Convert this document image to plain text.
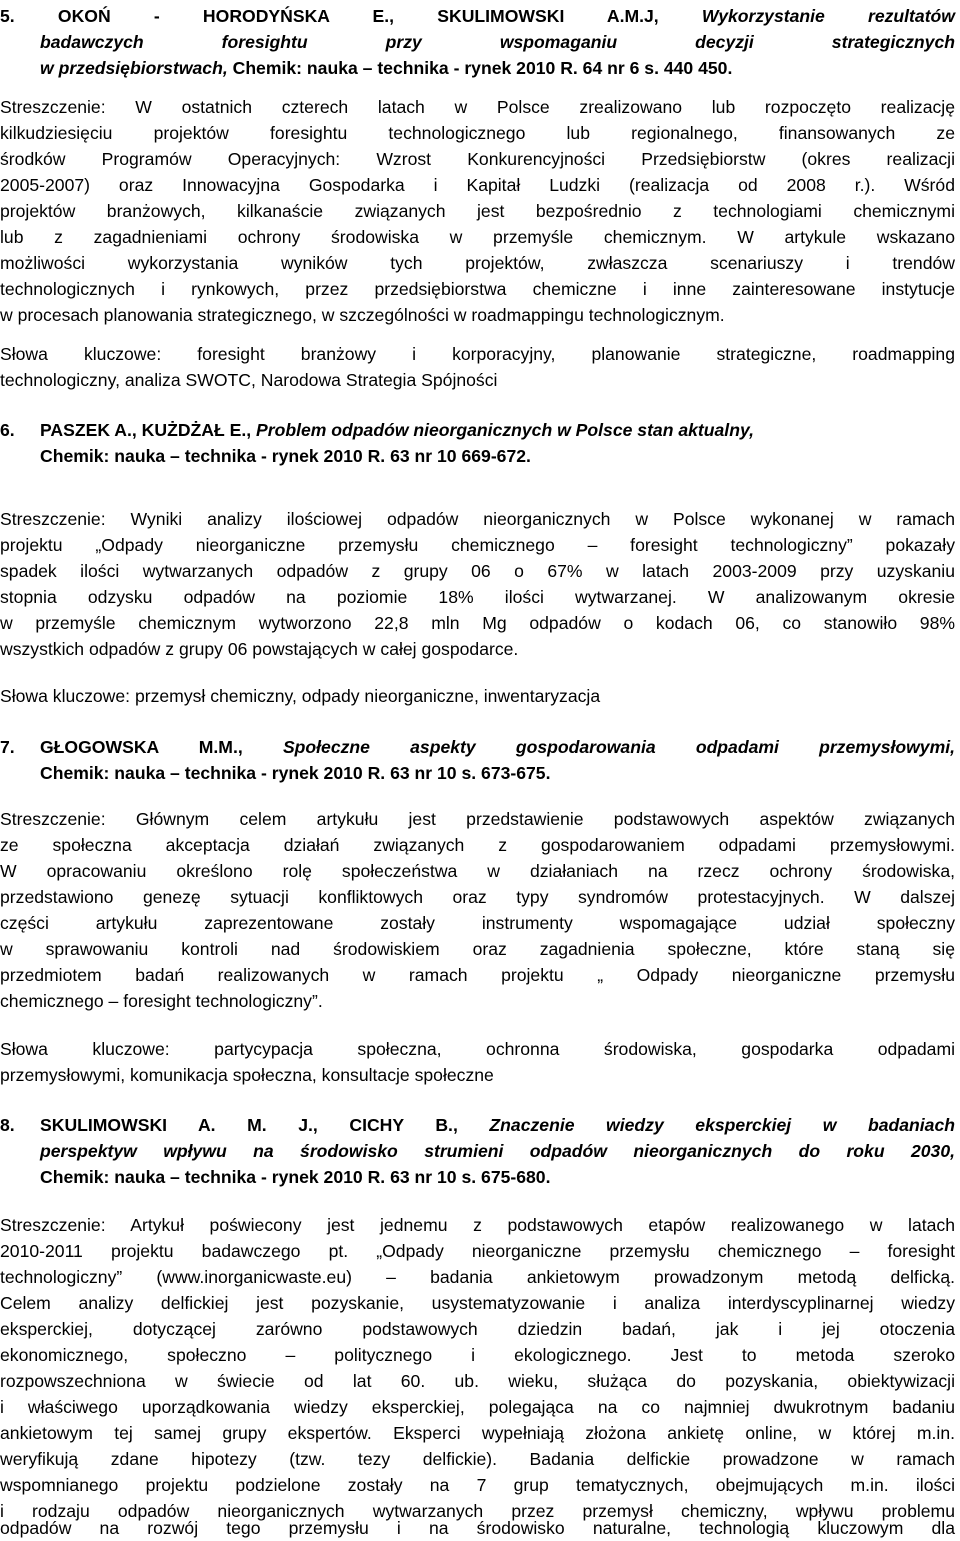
5. OKOŃ - HORODYŃSKA E., SKULIMOWSKI A.M.J, Wykorzystanie rezultatów
badawczych foresightu przy wspomaganiu decyzji strategicznych
w przedsiębiorstwach, Chemik: nauka – technika - rynek 2010 R. 64 nr 6 s. 440 450.
Streszczenie: W ostatnich czterech latach w Polsce zrealizowano lub rozpoczęto realizację
kilkudziesięciu projektów foresightu technologicznego lub regionalnego, finansowanych ze
środków Programów Operacyjnych: Wzrost Konkurencyjności Przedsiębiorstw (okres realizacji
2005-2007) oraz Innowacyjna Gospodarka i Kapitał Ludzki (realizacja od 2008 r.). Wśród
projektów branżowych, kilkanaście związanych jest bezpośrednio z technologiami chemicznymi
lub z zagadnieniami ochrony środowiska w przemyśle chemicznym. W artykule wskazano
możliwości wykorzystania wyników tych projektów, zwłaszcza scenariuszy i trendów
technologicznych i rynkowych, przez przedsiębiorstwa chemiczne i inne zainteresowane instytucje
w procesach planowania strategicznego, w szczególności w roadmappingu technologicznym.
Słowa kluczowe: foresight branżowy i korporacyjny, planowanie strategiczne, roadmapping
technologiczny, analiza SWOTC, Narodowa Strategia Spójności
6. PASZEK A., KUŻDŻAŁ E., Problem odpadów nieorganicznych w Polsce stan aktualny,
Chemik: nauka – technika - rynek 2010 R. 63 nr 10 669-672.
Streszczenie: Wyniki analizy ilościowej odpadów nieorganicznych w Polsce wykonanej w ramach
projektu „Odpady nieorganiczne przemysłu chemicznego – foresight technologiczny” pokazały
spadek ilości wytwarzanych odpadów z grupy 06 o 67% w latach 2003-2009 przy uzyskaniu
stopnia odzysku odpadów na poziomie 18% ilości wytwarzanej. W analizowanym okresie
w przemyśle chemicznym wytworzono 22,8 mln Mg odpadów o kodach 06, co stanowiło 98%
wszystkich odpadów z grupy 06 powstających w całej gospodarce.
Słowa kluczowe: przemysł chemiczny, odpady nieorganiczne, inwentaryzacja
7. GŁOGOWSKA M.M., Społeczne aspekty gospodarowania odpadami przemysłowymi,
Chemik: nauka – technika - rynek 2010 R. 63 nr 10 s. 673-675.
Streszczenie: Głównym celem artykułu jest przedstawienie podstawowych aspektów związanych
ze społeczna akceptacja działań związanych z gospodarowaniem odpadami przemysłowymi.
W opracowaniu określono rolę społeczeństwa w działaniach na rzecz ochrony środowiska,
przedstawiono genezę sytuacji konfliktowych oraz typy syndromów protestacyjnych. W dalszej
części artykułu zaprezentowane zostały instrumenty wspomagające udział społeczny
w sprawowaniu kontroli nad środowiskiem oraz zagadnienia społeczne, które staną się
przedmiotem badań realizowanych w ramach projektu „ Odpady nieorganiczne przemysłu
chemicznego – foresight technologiczny”.
Słowa kluczowe:	partycypacja społeczna, ochronna środowiska, gospodarka odpadami
przemysłowymi, komunikacja społeczna, konsultacje społeczne
8. SKULIMOWSKI A. M. J., CICHY B., Znaczenie wiedzy eksperckiej w badaniach
perspektyw wpływu na środowisko strumieni odpadów nieorganicznych do roku 2030,
Chemik: nauka – technika - rynek 2010 R. 63 nr 10 s. 675-680.
Streszczenie: Artykuł poświecony jest jednemu z podstawowych etapów realizowanego w latach
2010-2011 projektu badawczego pt. „Odpady nieorganiczne przemysłu chemicznego – foresight
technologiczny” (www.inorganicwaste.eu) – badania ankietowym prowadzonym metodą delficką.
Celem analizy delfickiej jest pozyskanie, usystematyzowanie i analiza interdyscyplinarnej wiedzy
eksperckiej, dotyczącej zarówno podstawowych dziedzin badań, jak i jej otoczenia
ekonomicznego, społeczno – politycznego i ekologicznego. Jest to metoda szeroko
rozpowszechniona w świecie od lat 60. ub. wieku, służąca do pozyskania, obiektywizacji
i właściwego uporządkowania wiedzy eksperckiej, polegająca na co najmniej dwukrotnym badaniu
ankietowym tej samej grupy ekspertów. Eksperci wypełniają złożona ankietę online, w której m.in.
weryfikują zdane hipotezy (tzw. tezy delfickie). Badania delfickie prowadzone w ramach
wspomnianego projektu podzielone zostały na 7 grup tematycznych, obejmujących m.in. ilości
i rodzaju odpadów nieorganicznych wytwarzanych przez przemysł chemiczny, wpływu problemu
odpadów na rozwój tego przemysłu i na środowisko naturalne, technologią kluczowym dla
